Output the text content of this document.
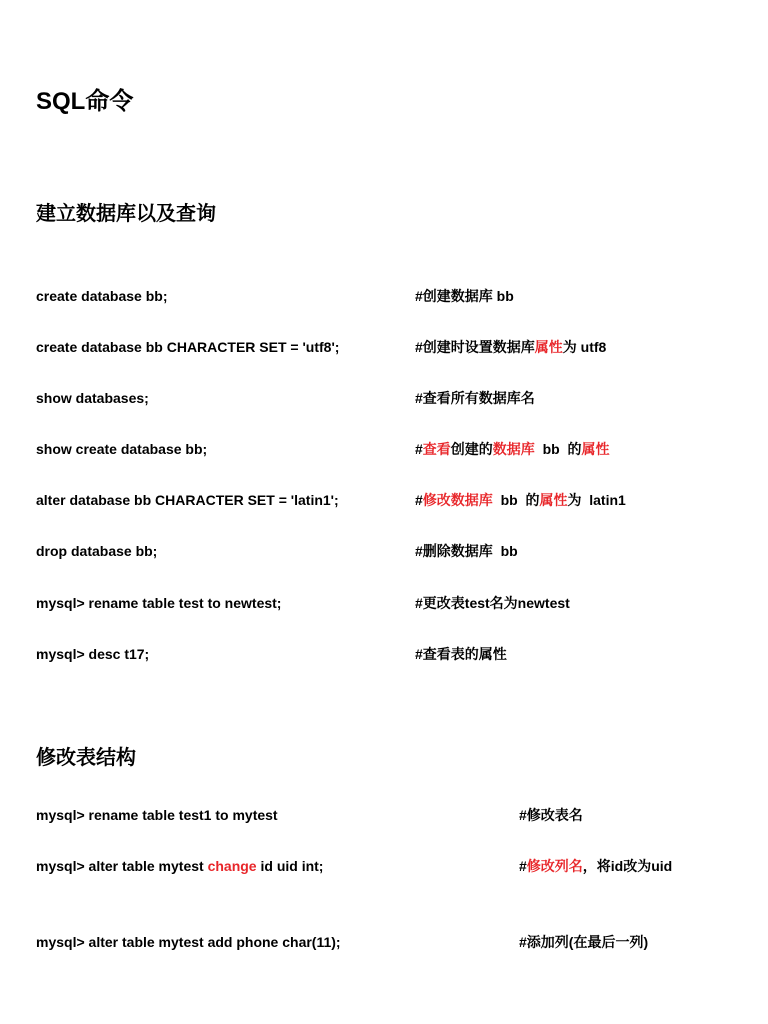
SQL命令
建立数据库以及查询
create database bb;	#创建数据库 bb
create database bb CHARACTER SET = 'utf8';	#创建时设置数据库属性为 utf8
show databases;	#查看所有数据库名
show create database bb;	#查看创建的数据库  bb  的属性
alter database bb CHARACTER SET = 'latin1';	#修改数据库  bb  的属性为  latin1
drop database bb;	#删除数据库  bb
mysql> rename table test to newtest;	#更改表test名为newtest
mysql> desc t17;	#查看表的属性
修改表结构
mysql> rename table test1 to mytest	#修改表名
mysql> alter table mytest change id uid int;	#修改列名，将id改为uid
mysql> alter table mytest add phone char(11);	#添加列(在最后一列)
